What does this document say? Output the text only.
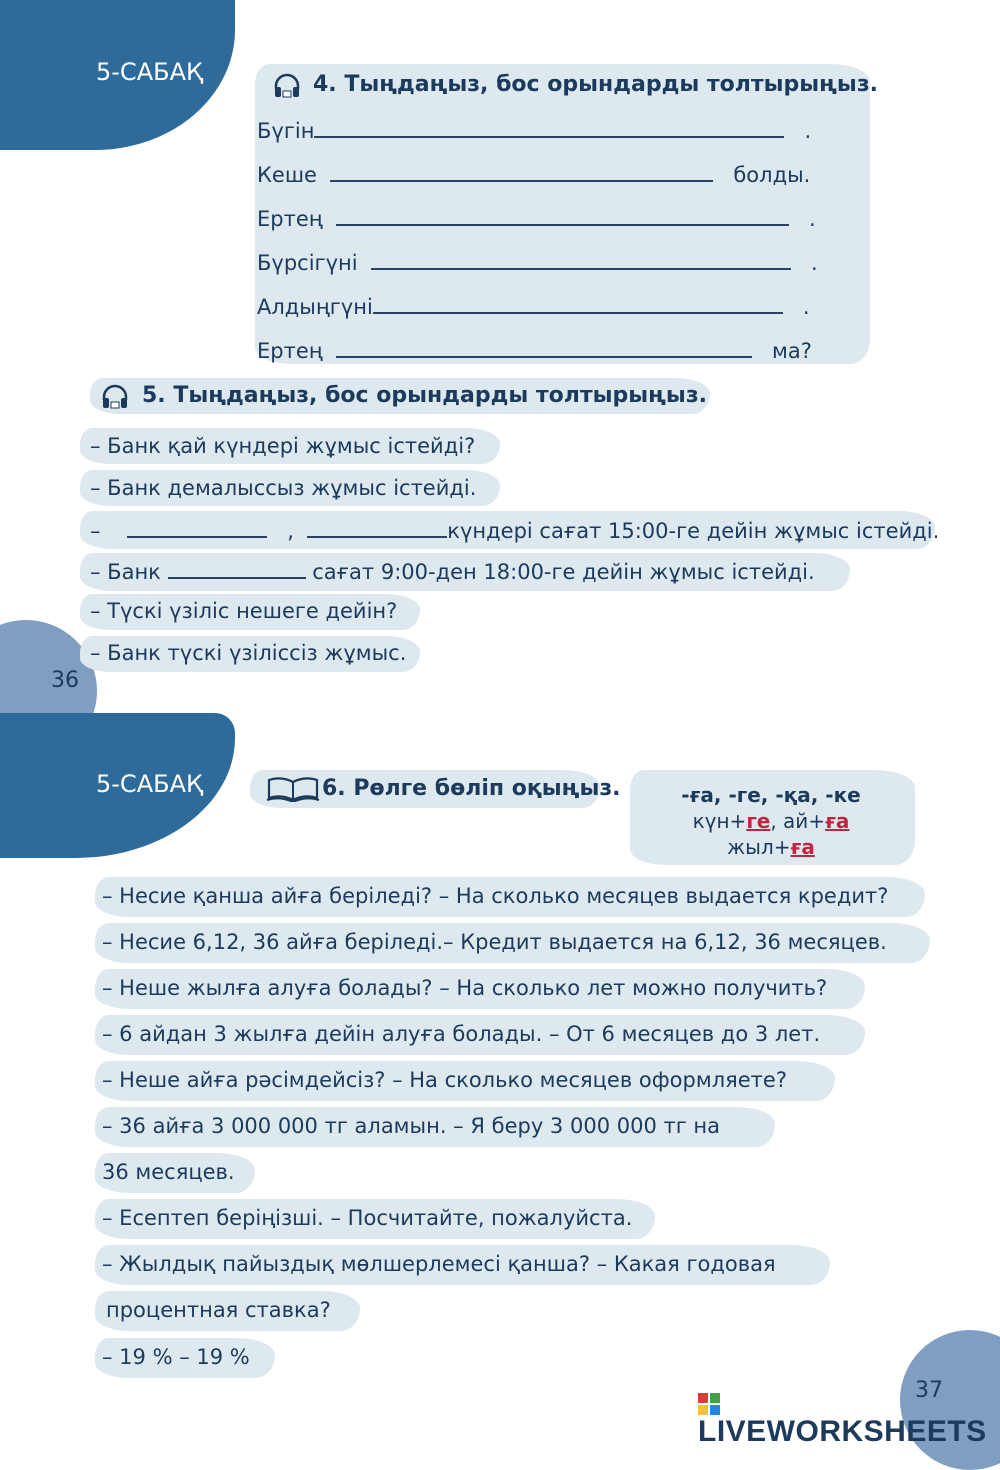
5-САБАҚ	4. Тыңдаңыз, бос орындарды толтырыңыз.
Бүгін	.
Кеше	болды.
Ертең	.
Бүрсігүні	.
Алдыңгүні	.
Ертең	ма?
5. Тыңдаңыз, бос орындарды толтырыңыз.
– Банк қай күндері жұмыс істейді?
– Банк демалыссыз жұмыс істейді.
–	,	күндері сағат 15:00-ге дейін жұмыс істейді.
– Банк	сағат 9:00-ден 18:00-ге дейін жұмыс істейді.
– Түскі үзіліс нешеге дейін?
– Банк түскі үзіліссіз жұмыс.
36
5-САБАҚ	6. Рөлге бөліп оқыңыз.	-ға, -ге, -қа, -ке
күн+ге, ай+ға
жыл+ға
– Несие қанша айға беріледі? – На сколько месяцев выдается кредит?
– Несие 6,12, 36 айға беріледі.– Кредит выдается на 6,12, 36 месяцев.
– Неше жылға алуға болады? – На сколько лет можно получить?
– 6 айдан 3 жылға дейін алуға болады. – От 6 месяцев до 3 лет.
– Неше айға рәсімдейсіз? – На сколько месяцев оформляете?
– 36 айға 3 000 000 тг аламын. – Я беру 3 000 000 тг на
36 месяцев.
– Есептеп беріңізші. – Посчитайте, пожалуйста.
– Жылдық пайыздық мөлшерлемесі қанша? – Какая годовая
процентная ставка?
– 19 % – 19 %
37
LIVEWORKSHEETS
